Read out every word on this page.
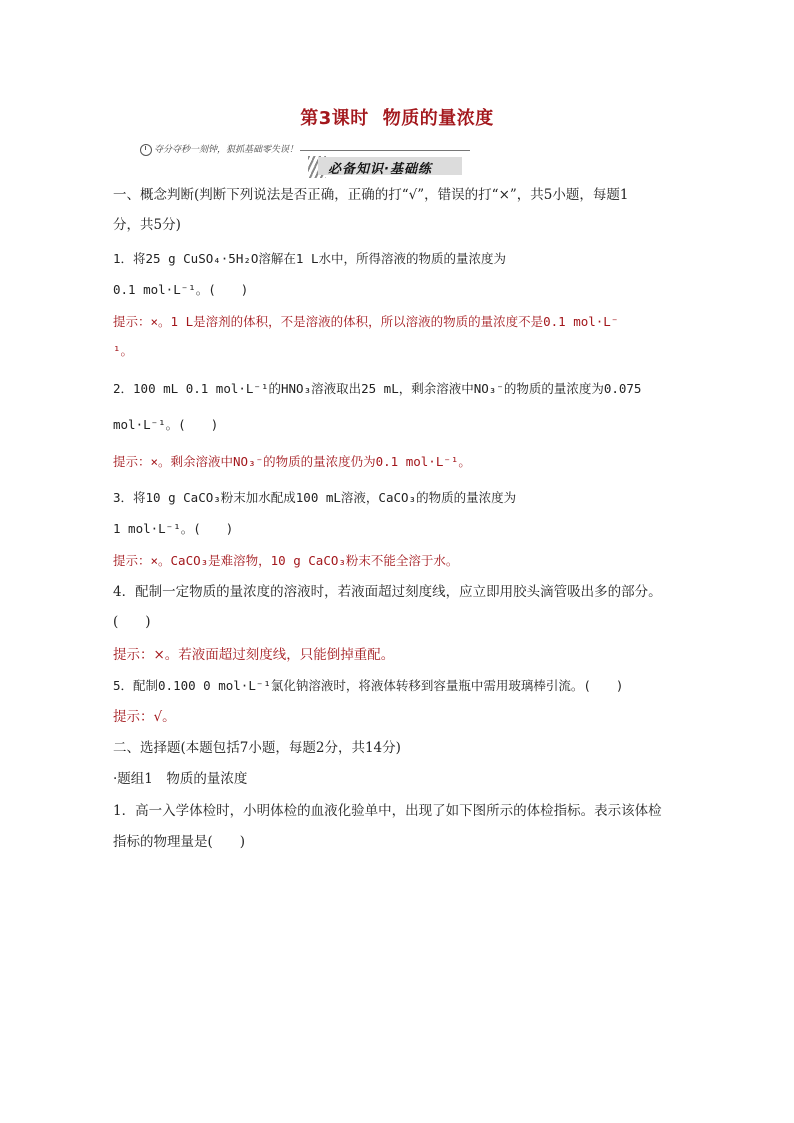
第3课时 物质的量浓度
夺分夺秒一刻钟，狠抓基础零失误！
必备知识·基础练
一、概念判断(判断下列说法是否正确，正确的打“√”，错误的打“×”，共5小题，每题1
分，共5分)
1．将25 g CuSO₄·5H₂O溶解在1 L水中，所得溶液的物质的量浓度为
0.1 mol·L⁻¹。(　　)
提示：×。1 L是溶剂的体积，不是溶液的体积，所以溶液的物质的量浓度不是0.1 mol·L⁻
¹。
2．100 mL 0.1 mol·L⁻¹的HNO₃溶液取出25 mL，剩余溶液中NO₃⁻的物质的量浓度为0.075
mol·L⁻¹。(　　)
提示：×。剩余溶液中NO₃⁻的物质的量浓度仍为0.1 mol·L⁻¹。
3．将10 g CaCO₃粉末加水配成100 mL溶液，CaCO₃的物质的量浓度为
1 mol·L⁻¹。(　　)
提示：×。CaCO₃是难溶物，10 g CaCO₃粉末不能全溶于水。
4．配制一定物质的量浓度的溶液时，若液面超过刻度线，应立即用胶头滴管吸出多的部分。
(　　)
提示：×。若液面超过刻度线，只能倒掉重配。
5．配制0.100 0 mol·L⁻¹氯化钠溶液时，将液体转移到容量瓶中需用玻璃棒引流。(　　)
提示：√。
二、选择题(本题包括7小题，每题2分，共14分)
·题组1　物质的量浓度
1．高一入学体检时，小明体检的血液化验单中，出现了如下图所示的体检指标。表示该体检
指标的物理量是(　　)
